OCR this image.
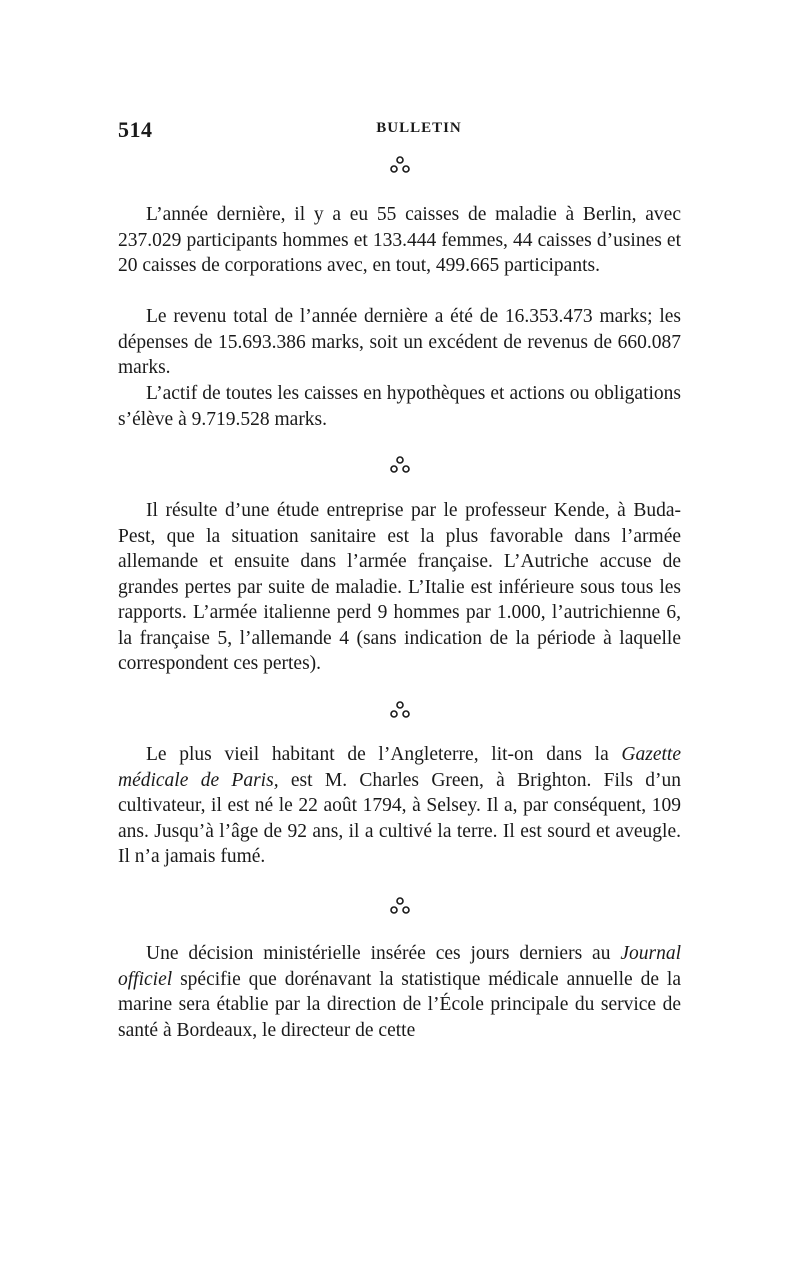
514	BULLETIN

L’année dernière, il y a eu 55 caisses de maladie à Berlin, avec 237.029 participants hommes et 133.444 femmes, 44 caisses d’usines et 20 caisses de corporations avec, en tout, 499.665 participants.

Le revenu total de l’année dernière a été de 16.353.473 marks; les dépenses de 15.693.386 marks, soit un excédent de revenus de 660.087 marks.

L’actif de toutes les caisses en hypothèques et actions ou obligations s’élève à 9.719.528 marks.

Il résulte d’une étude entreprise par le professeur Kende, à Buda-Pest, que la situation sanitaire est la plus favorable dans l’armée allemande et ensuite dans l’armée française. L’Autriche accuse de grandes pertes par suite de maladie. L’Italie est inférieure sous tous les rapports. L’armée italienne perd 9 hommes par 1.000, l’autrichienne 6, la française 5, l’allemande 4 (sans indication de la période à laquelle correspondent ces pertes).

Le plus vieil habitant de l’Angleterre, lit-on dans la Gazette médicale de Paris, est M. Charles Green, à Brighton. Fils d’un cultivateur, il est né le 22 août 1794, à Selsey. Il a, par conséquent, 109 ans. Jusqu’à l’âge de 92 ans, il a cultivé la terre. Il est sourd et aveugle. Il n’a jamais fumé.

Une décision ministérielle insérée ces jours derniers au Journal officiel spécifie que dorénavant la statistique médicale annuelle de la marine sera établie par la direction de l’École principale du service de santé à Bordeaux, le directeur de cette
